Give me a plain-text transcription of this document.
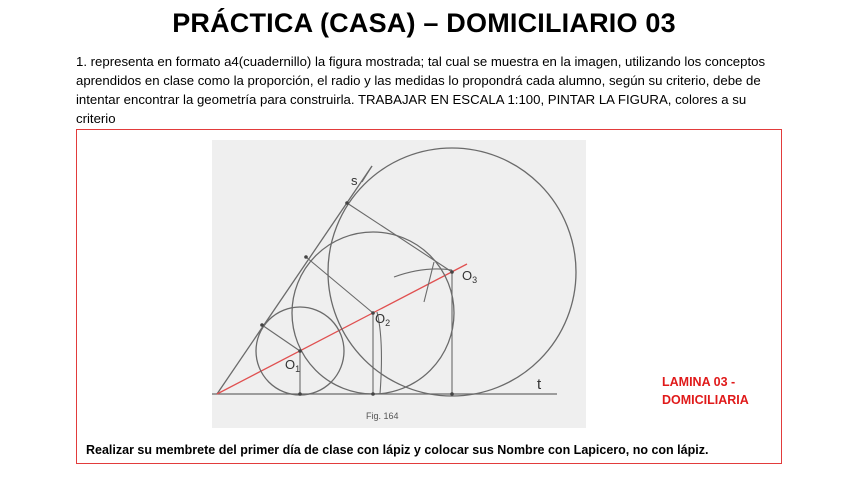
PRÁCTICA (CASA) – DOMICILIARIO 03
1. representa en formato a4(cuadernillo) la figura mostrada; tal cual se muestra en la imagen, utilizando los conceptos aprendidos en clase como la proporción, el radio y las medidas lo propondrá cada alumno, según su criterio, debe de intentar encontrar la geometría para construirla. TRABAJAR EN ESCALA 1:100, PINTAR LA FIGURA, colores a su criterio
s
$O_1$
$O_2$
$O_3$
t
Fig. 164
LAMINA 03 -
DOMICILIARIA
Realizar su membrete del primer día de clase con lápiz y colocar sus Nombre con Lapicero, no con lápiz.
